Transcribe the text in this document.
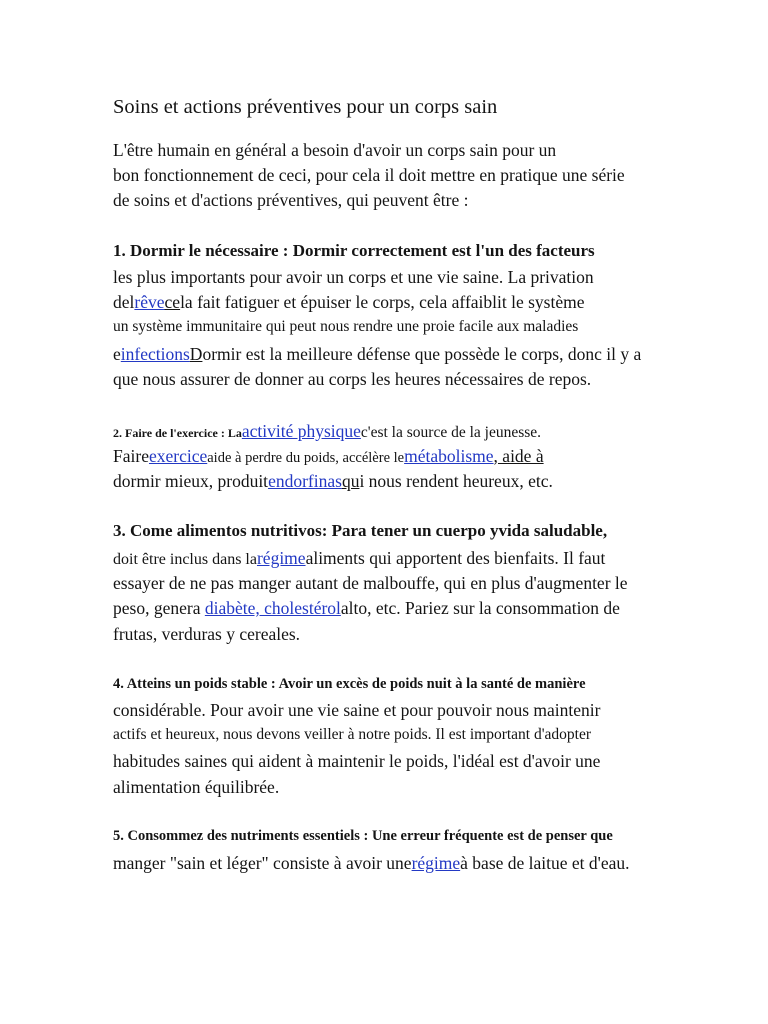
Soins et actions préventives pour un corps sain
L'être humain en général a besoin d'avoir un corps sain pour un
bon fonctionnement de ceci, pour cela il doit mettre en pratique une série
de soins et d'actions préventives, qui peuvent être :
1. Dormir le nécessaire : Dormir correctement est l'un des facteurs
les plus importants pour avoir un corps et une vie saine. La privation
delrêvecela fait fatiguer et épuiser le corps, cela affaiblit le système
un système immunitaire qui peut nous rendre une proie facile aux maladies
einfectionsDormir est la meilleure défense que possède le corps, donc il y a
que nous assurer de donner au corps les heures nécessaires de repos.
2. Faire de l'exercice : Laactivité physiquec'est la source de la jeunesse.
Faireexerciceaide à perdre du poids, accélère lemétabolisme, aide à
dormir mieux, produitendorfinasqui nous rendent heureux, etc.
3. Come alimentos nutritivos: Para tener un cuerpo yvida saludable,
doit être inclus dans larégimealiments qui apportent des bienfaits. Il faut
essayer de ne pas manger autant de malbouffe, qui en plus d'augmenter le
peso, genera diabète, cholestérolalto, etc. Pariez sur la consommation de
frutas, verduras y cereales.
4. Atteins un poids stable : Avoir un excès de poids nuit à la santé de manière
considérable. Pour avoir une vie saine et pour pouvoir nous maintenir
actifs et heureux, nous devons veiller à notre poids. Il est important d'adopter
habitudes saines qui aident à maintenir le poids, l'idéal est d'avoir une
alimentation équilibrée.
5. Consommez des nutriments essentiels : Une erreur fréquente est de penser que
manger "sain et léger" consiste à avoir unerégimeà base de laitue et d'eau.
